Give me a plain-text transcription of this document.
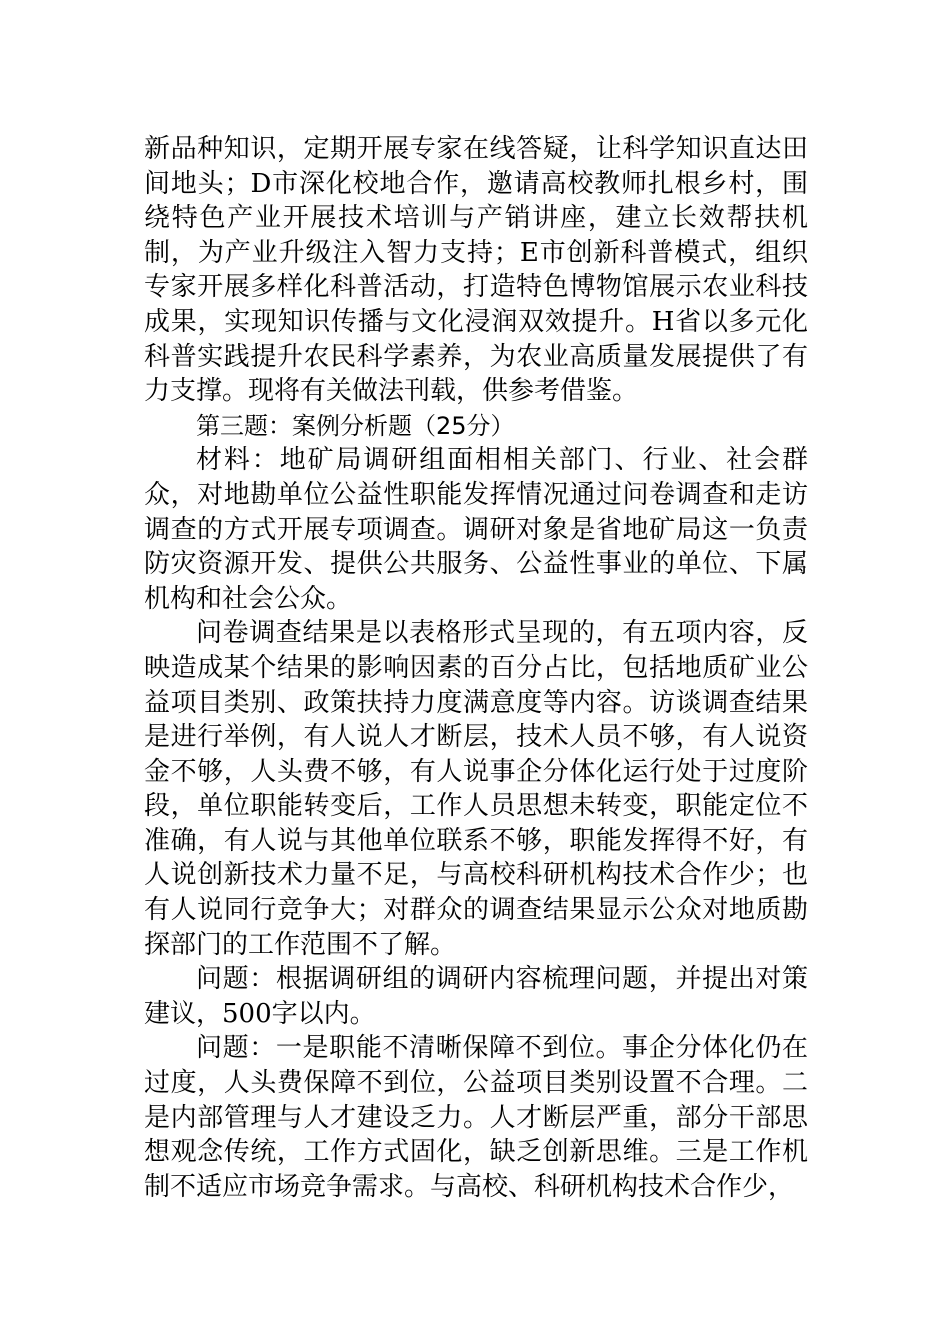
新品种知识，定期开展专家在线答疑，让科学知识直达田间地头；D市深化校地合作，邀请高校教师扎根乡村，围绕特色产业开展技术培训与产销讲座，建立长效帮扶机制，为产业升级注入智力支持；E市创新科普模式，组织专家开展多样化科普活动，打造特色博物馆展示农业科技成果，实现知识传播与文化浸润双效提升。H省以多元化科普实践提升农民科学素养，为农业高质量发展提供了有力支撑。现将有关做法刊载，供参考借鉴。

第三题：案例分析题（25分）

材料：地矿局调研组面相相关部门、行业、社会群众，对地勘单位公益性职能发挥情况通过问卷调查和走访调查的方式开展专项调查。调研对象是省地矿局这一负责防灾资源开发、提供公共服务、公益性事业的单位、下属机构和社会公众。

问卷调查结果是以表格形式呈现的，有五项内容，反映造成某个结果的影响因素的百分占比，包括地质矿业公益项目类别、政策扶持力度满意度等内容。访谈调查结果是进行举例，有人说人才断层，技术人员不够，有人说资金不够，人头费不够，有人说事企分体化运行处于过度阶段，单位职能转变后，工作人员思想未转变，职能定位不准确，有人说与其他单位联系不够，职能发挥得不好，有人说创新技术力量不足，与高校科研机构技术合作少；也有人说同行竞争大；对群众的调查结果显示公众对地质勘探部门的工作范围不了解。

问题：根据调研组的调研内容梳理问题，并提出对策建议，500字以内。

问题：一是职能不清晰保障不到位。事企分体化仍在过度，人头费保障不到位，公益项目类别设置不合理。二是内部管理与人才建设乏力。人才断层严重，部分干部思想观念传统，工作方式固化，缺乏创新思维。三是工作机制不适应市场竞争需求。与高校、科研机构技术合作少，
